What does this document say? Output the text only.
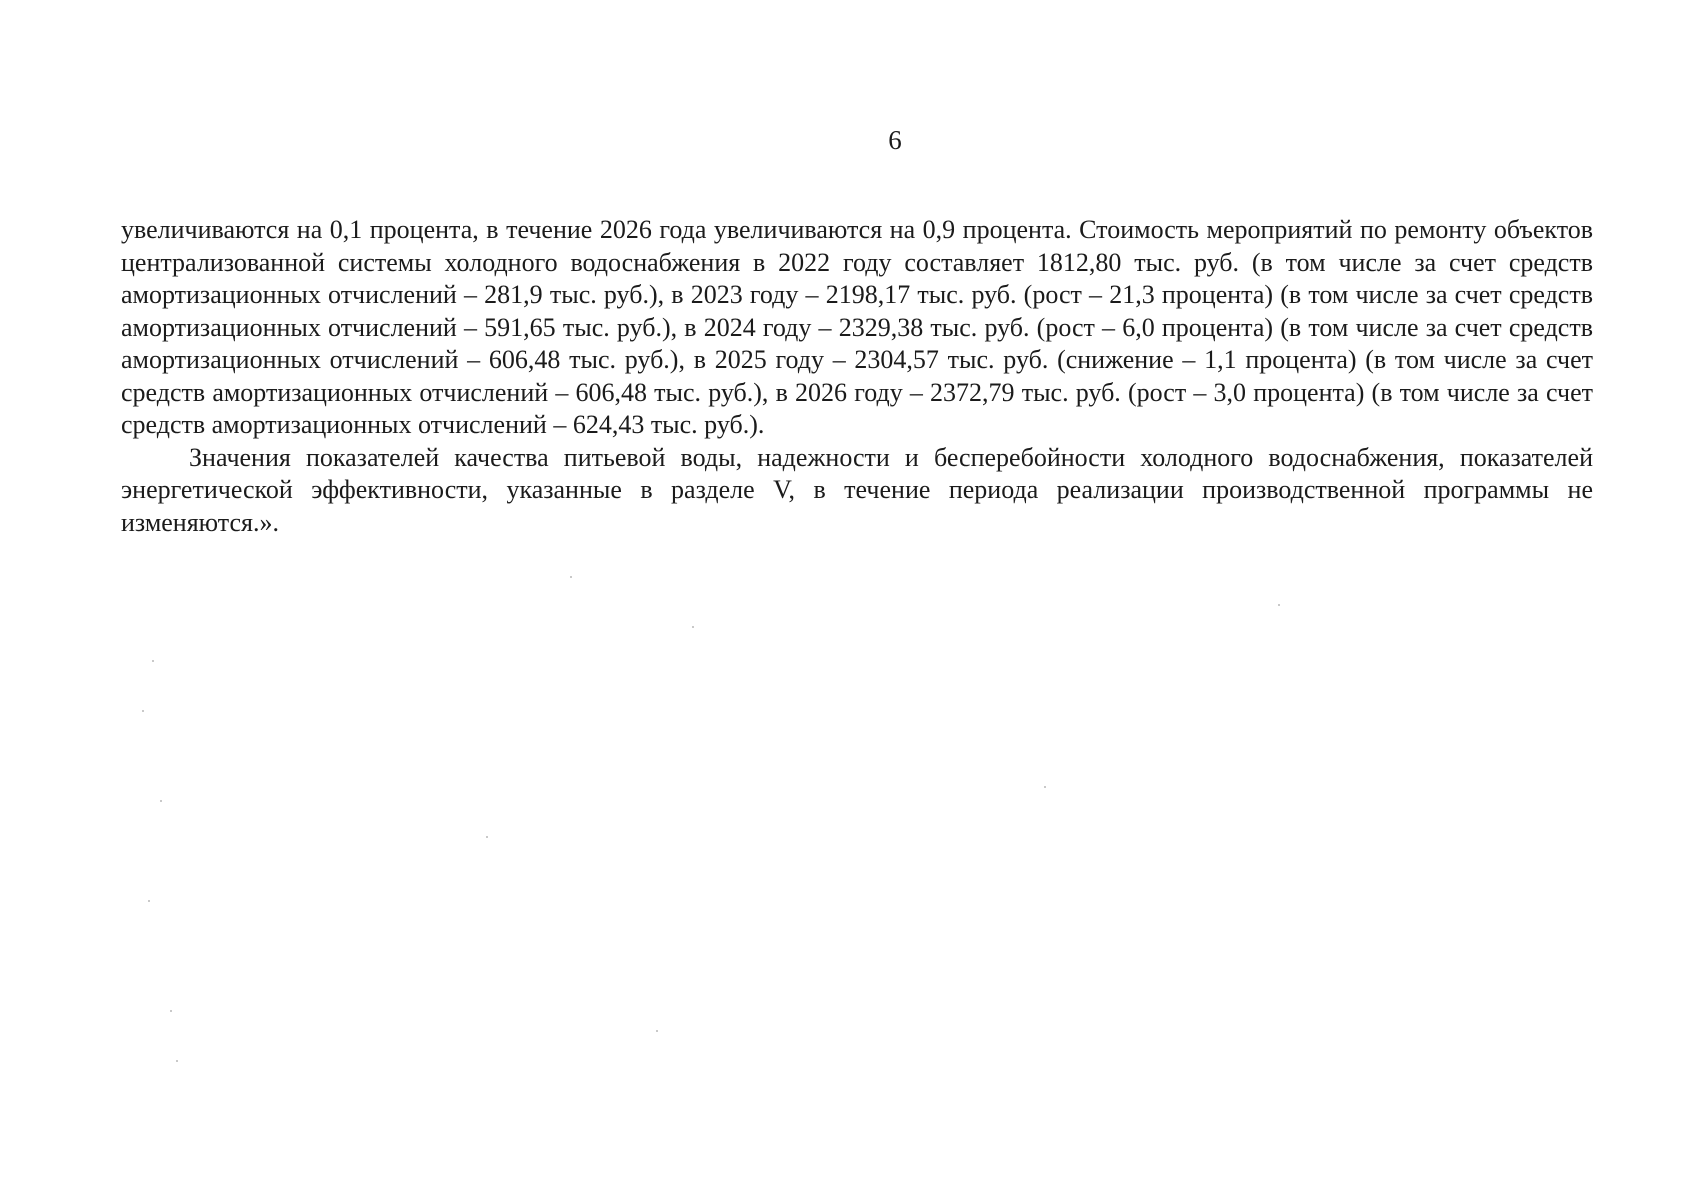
6

увеличиваются на 0,1 процента, в течение 2026 года увеличиваются на 0,9 процента. Стоимость мероприятий по ремонту объектов централизованной системы холодного водоснабжения в 2022 году составляет 1812,80 тыс. руб. (в том числе за счет средств амортизационных отчислений – 281,9 тыс. руб.), в 2023 году – 2198,17 тыс. руб. (рост – 21,3 процента) (в том числе за счет средств амортизационных отчислений – 591,65 тыс. руб.), в 2024 году – 2329,38 тыс. руб. (рост – 6,0 процента) (в том числе за счет средств амортизационных отчислений – 606,48 тыс. руб.), в 2025 году – 2304,57 тыс. руб. (снижение – 1,1 процента) (в том числе за счет средств амортизационных отчислений – 606,48 тыс. руб.), в 2026 году – 2372,79 тыс. руб. (рост – 3,0 процента) (в том числе за счет средств амортизационных отчислений – 624,43 тыс. руб.).

Значения показателей качества питьевой воды, надежности и бесперебойности холодного водоснабжения, показателей энергетической эффективности, указанные в разделе V, в течение периода реализации производственной программы не изменяются.».
